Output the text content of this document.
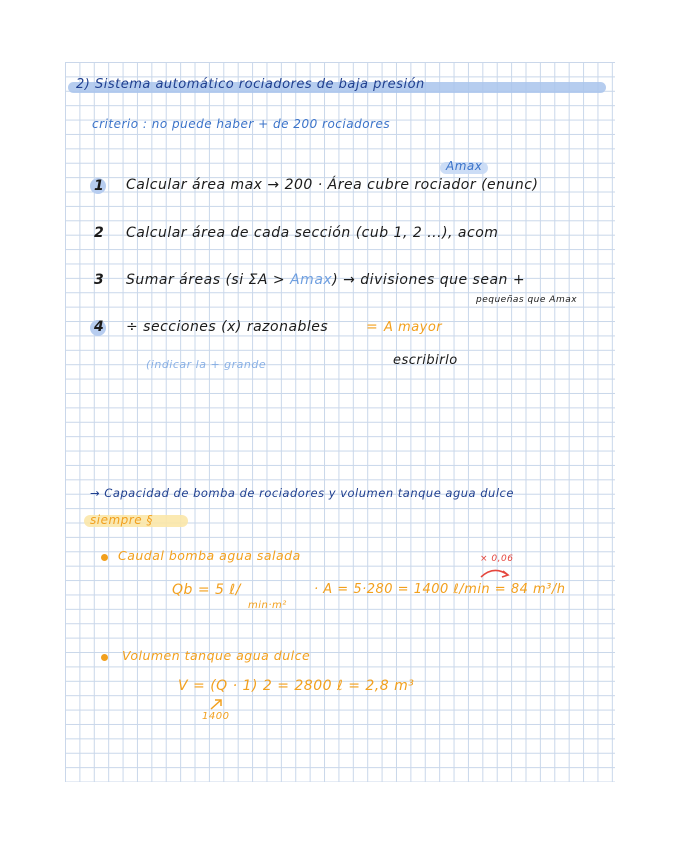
2) Sistema automático rociadores de baja presión
criterio : no puede haber + de 200 rociadores
Amax
1 Calcular área max → 200 · Área cubre rociador (enunc)
2 Calcular área de cada sección (cub 1, 2 ...), acom
3 Sumar áreas (si ΣA > Amax) → divisiones que sean +
pequeñas que Amax
4 ÷ secciones (x) razonables	= A mayor
(indicar la + grande	escribirlo
→ Capacidad de bomba de rociadores y volumen tanque agua dulce
siempre §
Caudal bomba agua salada	× 0,06
Qb = 5 ℓ/
min·m²
· A = 5·280 = 1400 ℓ/min = 84 m³/h
Volumen tanque agua dulce
V = (Q · 1) 2 = 2800 ℓ = 2,8 m³
1400
